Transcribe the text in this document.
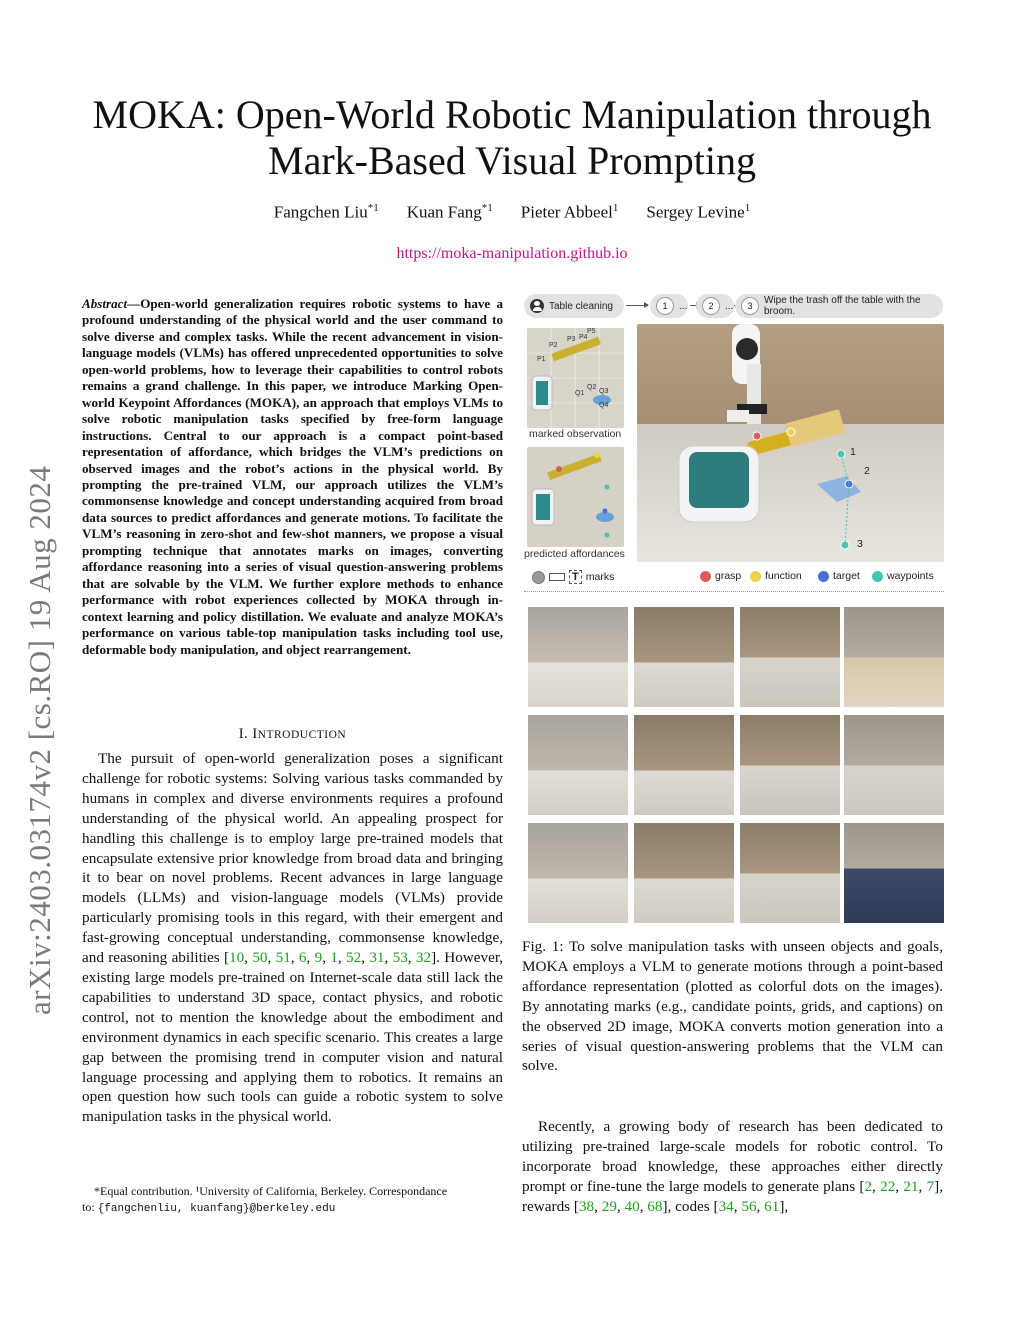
arXiv:2403.03174v2 [cs.RO] 19 Aug 2024
MOKA: Open-World Robotic Manipulation through
Mark-Based Visual Prompting
Fangchen Liu$^{*1}$ Kuan Fang$^{*1}$ Pieter Abbeel$^1$ Sergey Levine$^1$
https://moka-manipulation.github.io
Abstract—Open-world generalization requires robotic systems to have a profound understanding of the physical world and the user command to solve diverse and complex tasks. While the recent advancement in vision-language models (VLMs) has offered unprecedented opportunities to solve open-world problems, how to leverage their capabilities to control robots remains a grand challenge. In this paper, we introduce Marking Open-world Keypoint Affordances (MOKA), an approach that employs VLMs to solve robotic manipulation tasks specified by free-form language instructions. Central to our approach is a compact point-based representation of affordance, which bridges the VLM’s predictions on observed images and the robot’s actions in the physical world. By prompting the pre-trained VLM, our approach utilizes the VLM’s commonsense knowledge and concept understanding acquired from broad data sources to predict affordances and generate motions. To facilitate the VLM’s reasoning in zero-shot and few-shot manners, we propose a visual prompting technique that annotates marks on images, converting affordance reasoning into a series of visual question-answering problems that are solvable by the VLM. We further explore methods to enhance performance with robot experiences collected by MOKA through in-context learning and policy distillation. We evaluate and analyze MOKA’s performance on various table-top manipulation tasks including tool use, deformable body manipulation, and object rearrangement.
I. INTRODUCTION
The pursuit of open-world generalization poses a significant challenge for robotic systems: Solving various tasks commanded by humans in complex and diverse environments requires a profound understanding of the physical world. An appealing prospect for handling this challenge is to employ large pre-trained models that encapsulate extensive prior knowledge from broad data and bringing it to bear on novel problems. Recent advances in large language models (LLMs) and vision-language models (VLMs) provide particularly promising tools in this regard, with their emergent and fast-growing conceptual understanding, commonsense knowledge, and reasoning abilities [10, 50, 51, 6, 9, 1, 52, 31, 53, 32]. However, existing large models pre-trained on Internet-scale data still lack the capabilities to understand 3D space, contact physics, and robotic control, not to mention the knowledge about the embodiment and environment dynamics in each specific scenario. This creates a large gap between the promising trend in computer vision and natural language processing and applying them to robotics. It remains an open question how such tools can guide a robotic system to solve manipulation tasks in the physical world.
*Equal contribution. ¹University of California, Berkeley. Correspondance
to: {fangchenliu, kuanfang}@berkeley.edu
Table cleaning	1	...	2	...	3	Wipe the trash off the table with the broom.
P5
P3
P2
P1
P4
Q2
Q1 Q3
Q4
marked observation
predicted affordances
1
2
3
T marks	grasp function	target	waypoints
Fig. 1: To solve manipulation tasks with unseen objects and goals, MOKA employs a VLM to generate motions through a point-based affordance representation (plotted as colorful dots on the images). By annotating marks (e.g., candidate points, grids, and captions) on the observed 2D image, MOKA converts motion generation into a series of visual question-answering problems that the VLM can solve.
Recently, a growing body of research has been dedicated to utilizing pre-trained large-scale models for robotic control. To incorporate broad knowledge, these approaches either directly prompt or fine-tune the large models to generate plans [2, 22, 21, 7], rewards [38, 29, 40, 68], codes [34, 56, 61],
